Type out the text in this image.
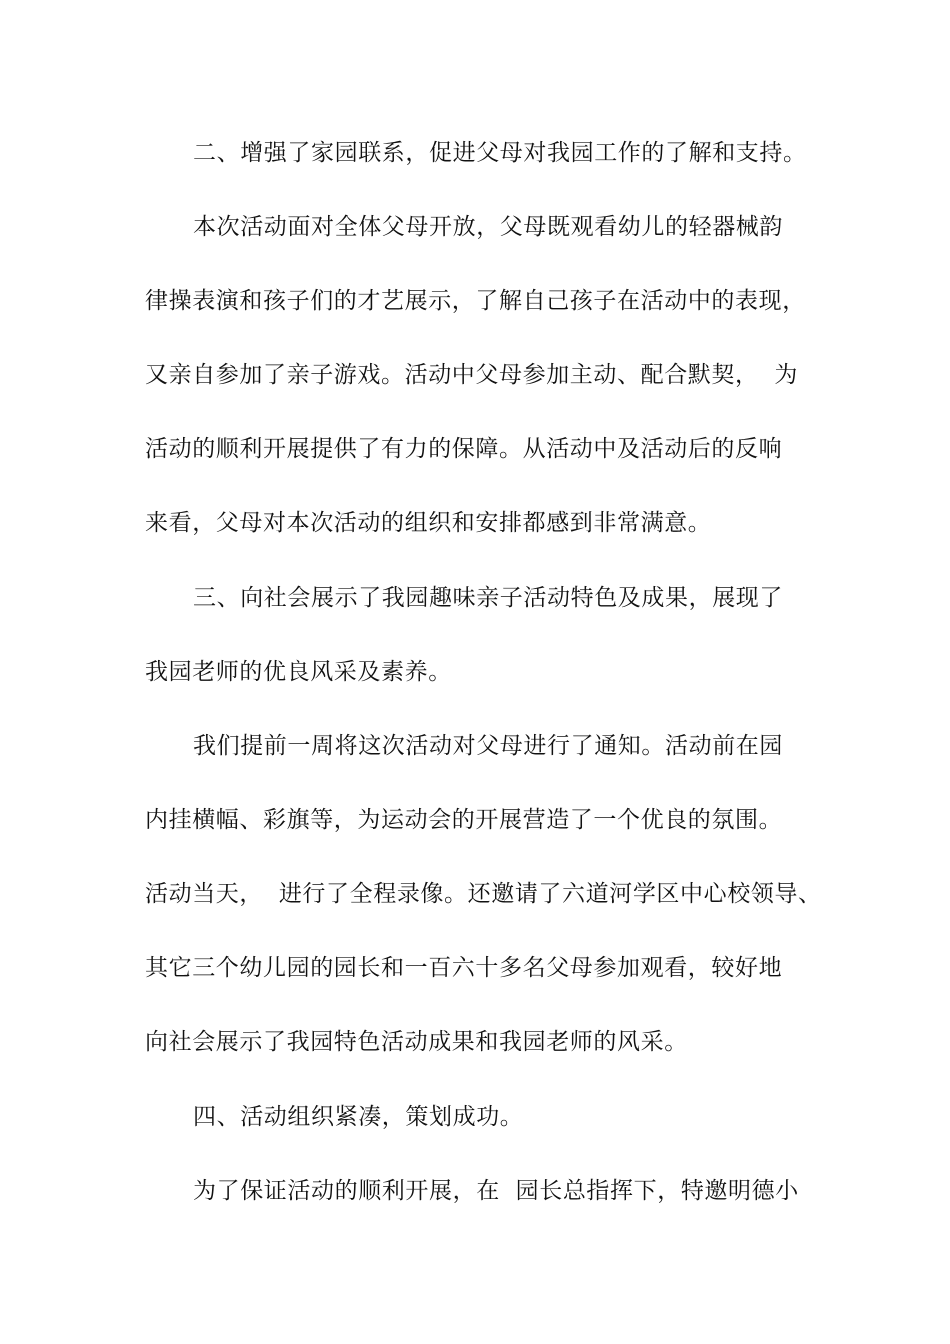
二、增强了家园联系，促进父母对我园工作的了解和支持。
本次活动面对全体父母开放，父母既观看幼儿的轻器械韵
律操表演和孩子们的才艺展示，了解自己孩子在活动中的表现，
又亲自参加了亲子游戏。活动中父母参加主动、配合默契，  为
活动的顺利开展提供了有力的保障。从活动中及活动后的反响
来看，父母对本次活动的组织和安排都感到非常满意。
三、向社会展示了我园趣味亲子活动特色及成果，展现了
我园老师的优良风采及素养。
我们提前一周将这次活动对父母进行了通知。活动前在园
内挂横幅、彩旗等，为运动会的开展营造了一个优良的氛围。
活动当天，  进行了全程录像。还邀请了六道河学区中心校领导、
其它三个幼儿园的园长和一百六十多名父母参加观看，较好地
向社会展示了我园特色活动成果和我园老师的风采。
四、活动组织紧凑，策划成功。
为了保证活动的顺利开展，在  园长总指挥下，特邀明德小
